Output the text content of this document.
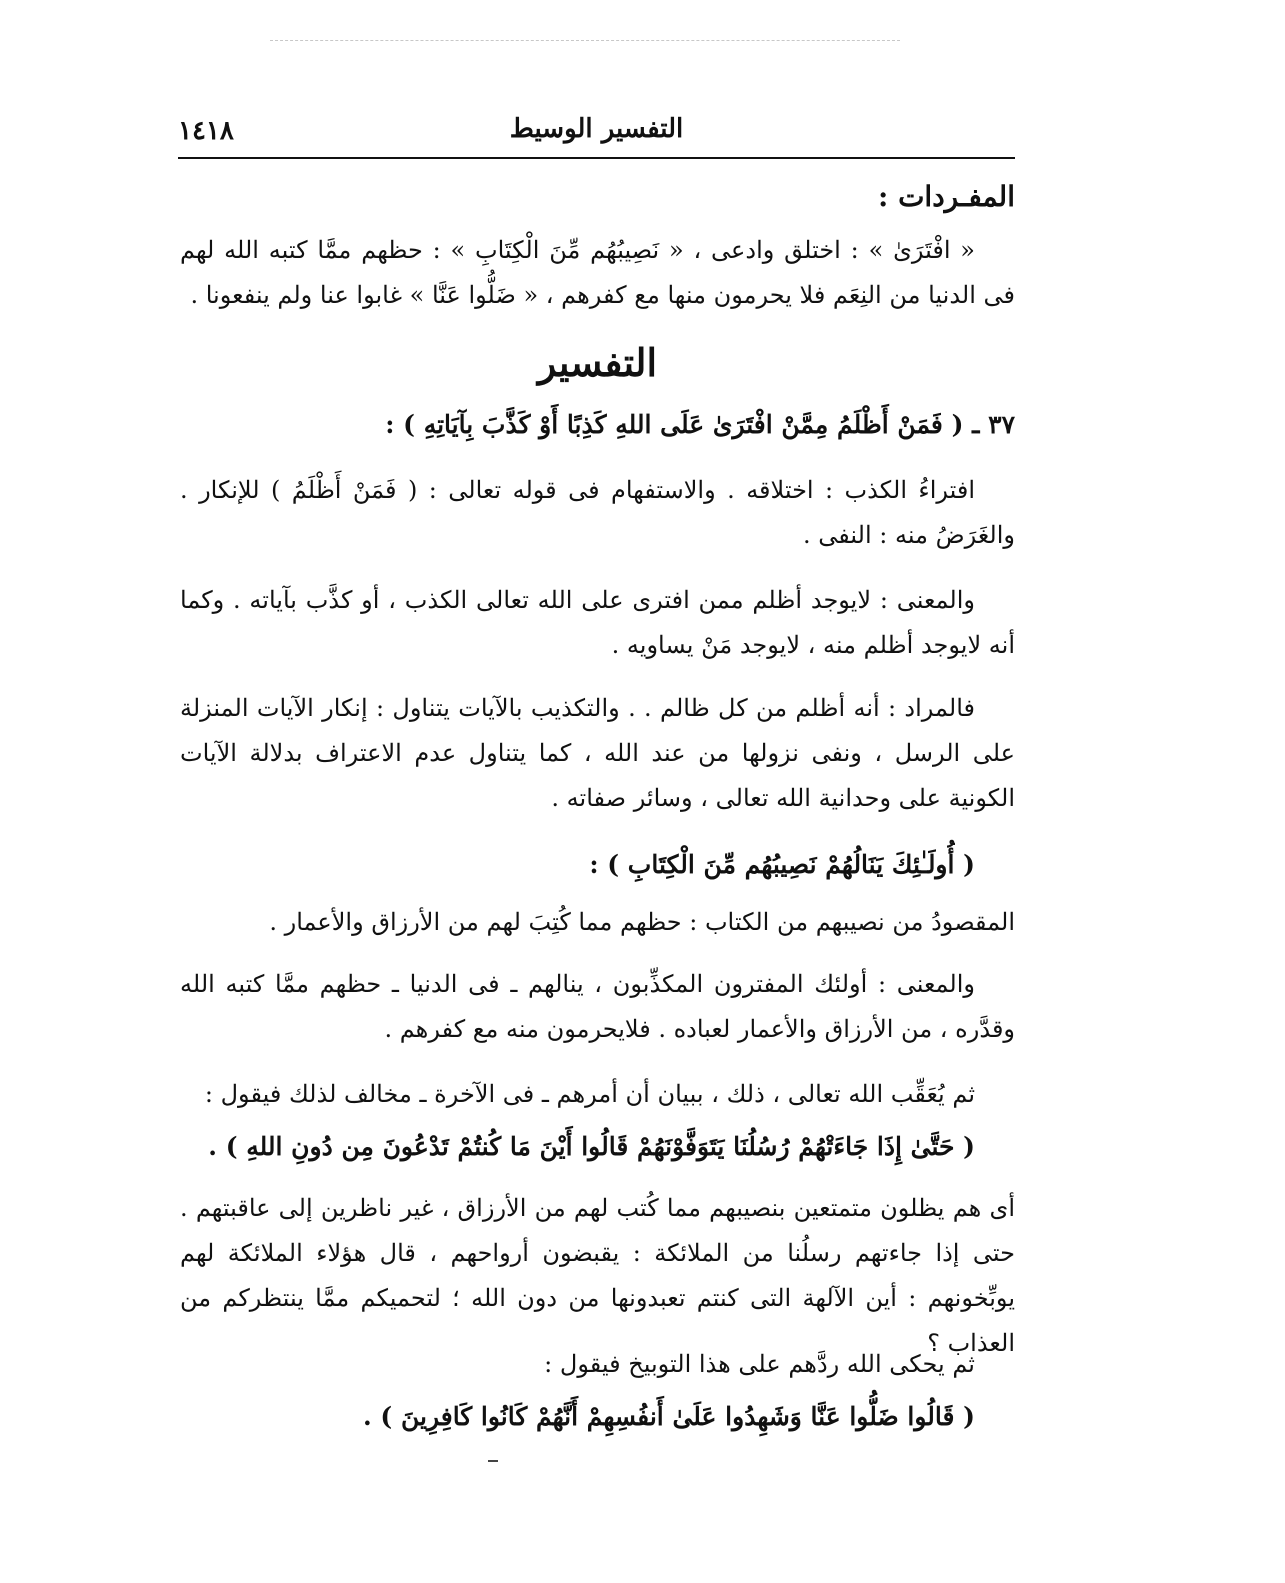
١٤١٨	التفسير الوسيط
المفـردات :
« افْتَرَىٰ » : اختلق وادعى ، « نَصِيبُهُم مِّنَ الْكِتَابِ » : حظهم ممَّا كتبه الله لهم فى الدنيا من النِعَم فلا يحرمون منها مع كفرهم ، « ضَلُّوا عَنَّا » غابوا عنا ولم ينفعونا .
التفسير
٣٧ ـ ( فَمَنْ أَظْلَمُ مِمَّنْ افْتَرَىٰ عَلَى اللهِ كَذِبًا أَوْ كَذَّبَ بِآيَاتِهِ ) :
افتراءُ الكذب : اختلاقه . والاستفهام فى قوله تعالى : ( فَمَنْ أَظْلَمُ ) للإنكار . والغَرَضُ منه : النفى .
والمعنى : لايوجد أظلم ممن افترى على الله تعالى الكذب ، أو كذَّب بآياته . وكما أنه لايوجد أظلم منه ، لايوجد مَنْ يساويه .
فالمراد : أنه أظلم من كل ظالم . . والتكذيب بالآيات يتناول : إنكار الآيات المنزلة على الرسل ، ونفى نزولها من عند الله ، كما يتناول عدم الاعتراف بدلالة الآيات الكونية على وحدانية الله تعالى ، وسائر صفاته .
( أُولَـٰئِكَ يَنَالُهُمْ نَصِيبُهُم مِّنَ الْكِتَابِ ) :
المقصودُ من نصيبهم من الكتاب : حظهم مما كُتِبَ لهم من الأرزاق والأعمار .
والمعنى : أولئك المفترون المكذِّبون ، ينالهم ـ فى الدنيا ـ حظهم ممَّا كتبه الله وقدَّره ، من الأرزاق والأعمار لعباده . فلايحرمون منه مع كفرهم .
ثم يُعَقِّب الله تعالى ، ذلك ، ببيان أن أمرهم ـ فى الآخرة ـ مخالف لذلك فيقول :
( حَتَّىٰ إِذَا جَاءَتْهُمْ رُسُلُنَا يَتَوَفَّوْنَهُمْ قَالُوا أَيْنَ مَا كُنتُمْ تَدْعُونَ مِن دُونِ اللهِ ) .
أى هم يظلون متمتعين بنصيبهم مما كُتب لهم من الأرزاق ، غير ناظرين إلى عاقبتهم . حتى إذا جاءتهم رسلُنا من الملائكة : يقبضون أرواحهم ، قال هؤلاء الملائكة لهم يوبِّخونهم : أين الآلهة التى كنتم تعبدونها من دون الله ؛ لتحميكم ممَّا ينتظركم من العذاب ؟
ثم يحكى الله ردَّهم على هذا التوبيخ فيقول :
( قَالُوا ضَلُّوا عَنَّا وَشَهِدُوا عَلَىٰ أَنفُسِهِمْ أَنَّهُمْ كَانُوا كَافِرِينَ ) .
